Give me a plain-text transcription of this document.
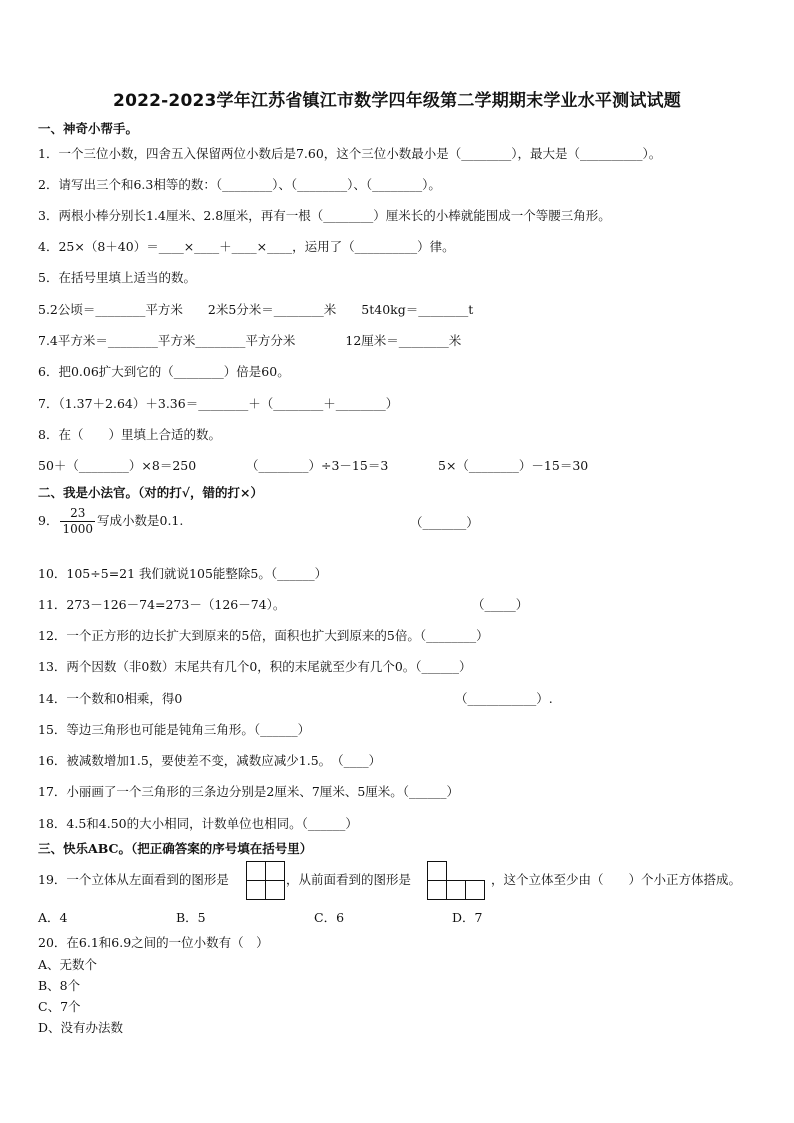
2022-2023学年江苏省镇江市数学四年级第二学期期末学业水平测试试题
一、神奇小帮手。
1．一个三位小数，四舍五入保留两位小数后是7.60，这个三位小数最小是（________），最大是（__________）。
2．请写出三个和6.3相等的数：（________）、（________）、（________）。
3．两根小棒分别长1.4厘米、2.8厘米，再有一根（________）厘米长的小棒就能围成一个等腰三角形。
4．25×（8＋40）＝____×____＋____×____，运用了（__________）律。
5．在括号里填上适当的数。
5.2公顷＝________平方米　　2米5分米＝________米　　5t40kg＝________t
7.4平方米＝________平方米________平方分米　　　　12厘米＝________米
6．把0.06扩大到它的（________）倍是60。
7．（1.37＋2.64）＋3.36＝________＋（________＋________）
8．在（　　）里填上合适的数。
50＋（________）×8＝250	（________）÷3－15＝3	5×（________）－15＝30
二、我是小法官。（对的打√，错的打×）
9． $\frac{23}{1000}$ 写成小数是0.1.	（_______）
10．105÷5=21 我们就说105能整除5。（______）
11．273－126－74=273－（126－74）。	（_____）
12．一个正方形的边长扩大到原来的5倍，面积也扩大到原来的5倍。（________）
13．两个因数（非0数）末尾共有几个0，积的末尾就至少有几个0。（______）
14．一个数和0相乘，得0	（___________）.
15．等边三角形也可能是钝角三角形。（______）
16．被减数增加1.5，要使差不变，减数应减少1.5。　（____）
17．小丽画了一个三角形的三条边分别是2厘米、7厘米、5厘米。（______）
18．4.5和4.50的大小相同，计数单位也相同。（______）
三、快乐ABC。（把正确答案的序号填在括号里）
19．一个立体从左面看到的图形是	，从前面看到的图形是	，这个立体至少由（　　）个小正方体搭成。
A．4	B．5	C．6	D．7
20．在6.1和6.9之间的一位小数有（　）
A、无数个
B、8个
C、7个
D、没有办法数
